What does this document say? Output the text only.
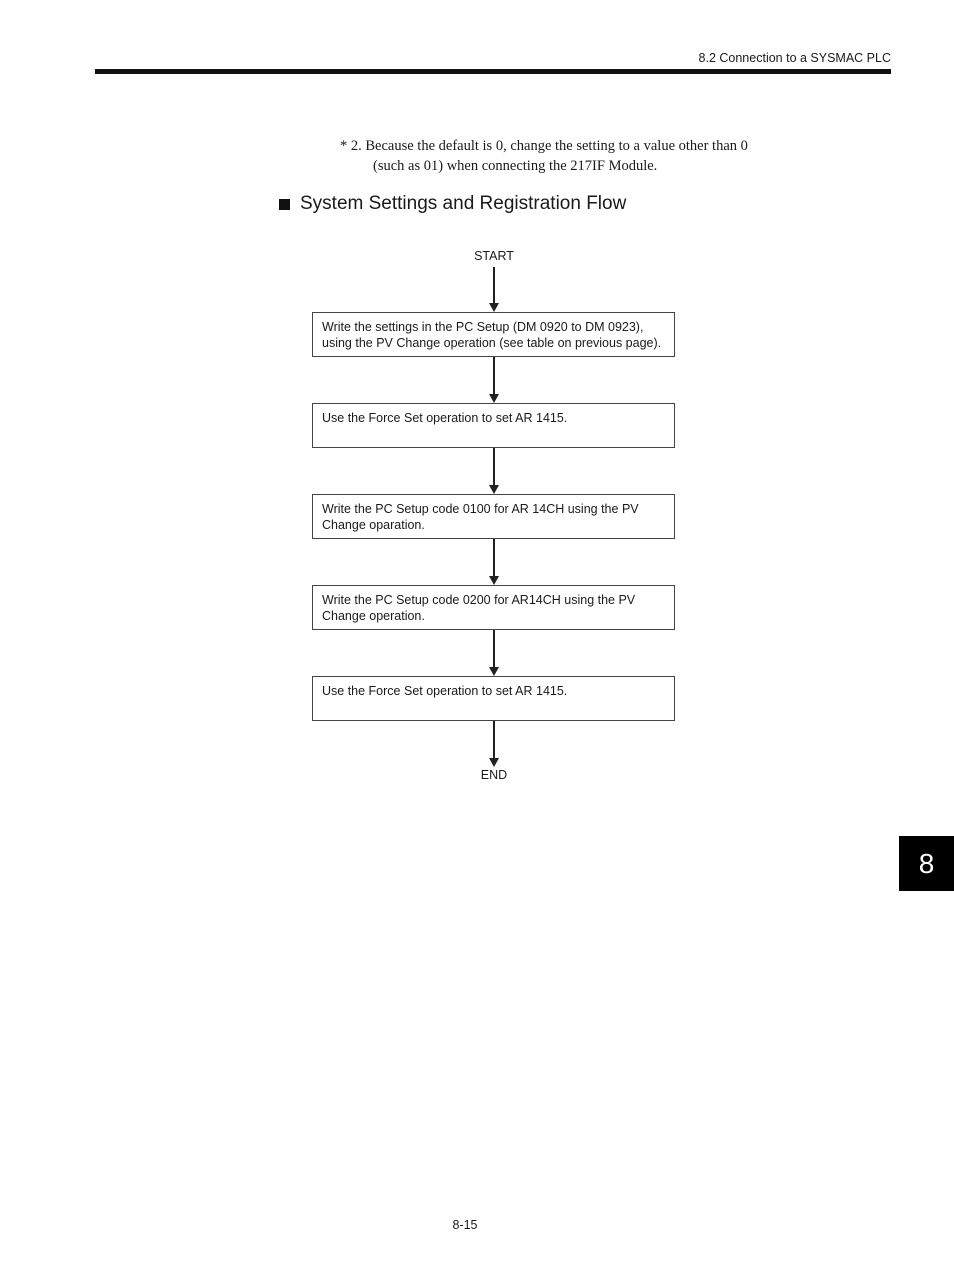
8.2 Connection to a SYSMAC PLC
* 2. Because the default is 0, change the setting to a value other than 0
(such as 01) when connecting the 217IF Module.
System Settings and Registration Flow
START
Write the settings in the PC Setup (DM 0920 to DM 0923),
using the PV Change operation (see table on previous page).
Use the Force Set operation to set AR 1415.
Write the PC Setup code 0100 for AR 14CH using the PV
Change oparation.
Write the PC Setup code 0200 for AR14CH using the PV
Change operation.
Use the Force Set operation to set AR 1415.
END
8
8-15
